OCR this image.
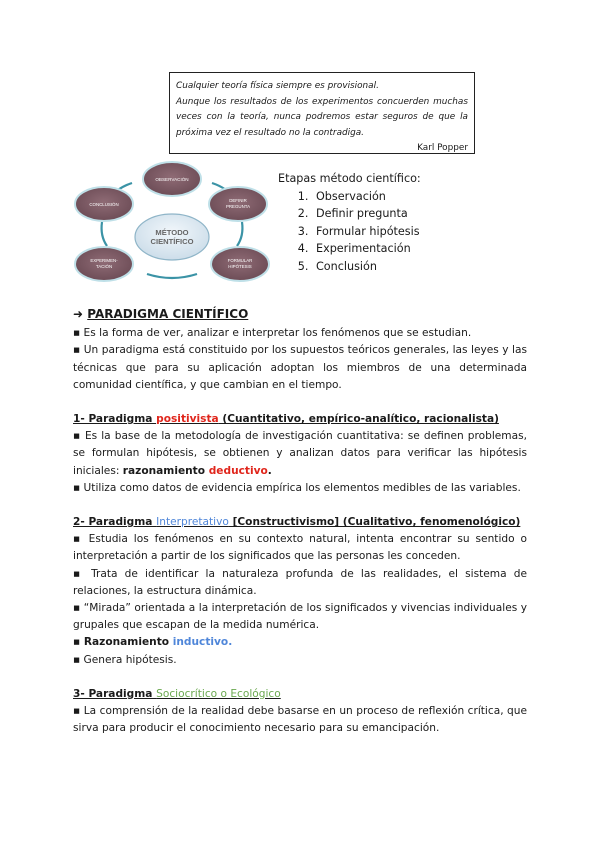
Cualquier teoría física siempre es provisional.

Aunque los resultados de los experimentos concuerden muchas veces con la teoría, nunca podremos estar seguros de que la próxima vez el resultado no la contradiga.

Karl Popper

OBSERVACIÓN
DEFINIR
PREGUNTA
FORMULAR
HIPÓTESIS
EXPERIMEN-
TACIÓN
CONCLUSIÓN
MÉTODO
CIENTÍFICO

Etapas método científico:

1. Observación
2. Definir pregunta
3. Formular hipótesis
4. Experimentación
5. Conclusión

➜ PARADIGMA CIENTÍFICO

▪ Es la forma de ver, analizar e interpretar los fenómenos que se estudian.

▪ Un paradigma está constituido por los supuestos teóricos generales, las leyes y las técnicas que para su aplicación adoptan los miembros de una determinada comunidad científica, y que cambian en el tiempo.

1- Paradigma positivista (Cuantitativo, empírico-analítico, racionalista)

▪ Es la base de la metodología de investigación cuantitativa: se definen problemas, se formulan hipótesis, se obtienen y analizan datos para verificar las hipótesis iniciales: razonamiento deductivo.

▪ Utiliza como datos de evidencia empírica los elementos medibles de las variables.

2- Paradigma Interpretativo [Constructivismo] (Cualitativo, fenomenológico)

▪ Estudia los fenómenos en su contexto natural, intenta encontrar su sentido o interpretación a partir de los significados que las personas les conceden.

▪ Trata de identificar la naturaleza profunda de las realidades, el sistema de relaciones, la estructura dinámica.

▪ “Mirada” orientada a la interpretación de los significados y vivencias individuales y grupales que escapan de la medida numérica.

▪ Razonamiento inductivo.

▪ Genera hipótesis.

3- Paradigma Sociocrítico o Ecológico

▪ La comprensión de la realidad debe basarse en un proceso de reflexión crítica, que sirva para producir el conocimiento necesario para su emancipación.
